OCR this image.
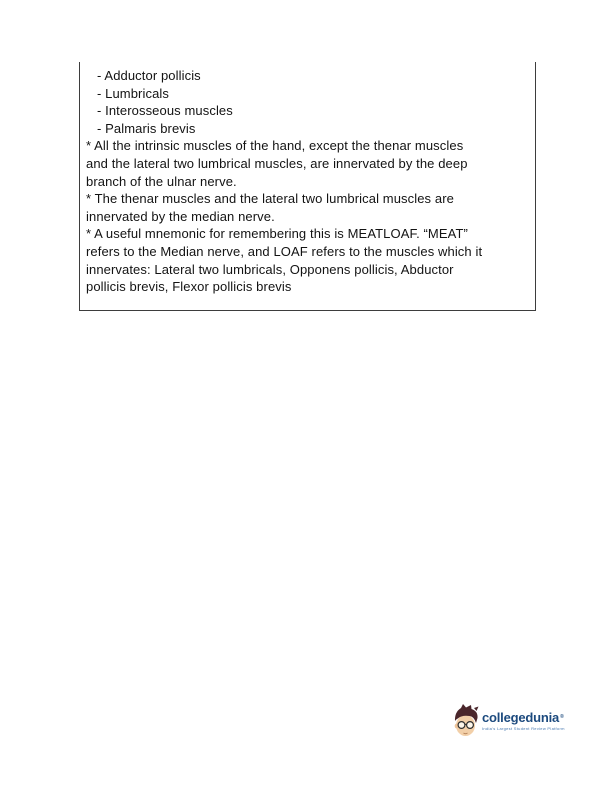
- Adductor pollicis
- Lumbricals
- Interosseous muscles
- Palmaris brevis
* All the intrinsic muscles of the hand, except the thenar muscles
and the lateral two lumbrical muscles, are innervated by the deep
branch of the ulnar nerve.
* The thenar muscles and the lateral two lumbrical muscles are
innervated by the median nerve.
* A useful mnemonic for remembering this is MEATLOAF. “MEAT”
refers to the Median nerve, and LOAF refers to the muscles which it
innervates: Lateral two lumbricals, Opponens pollicis, Abductor
pollicis brevis, Flexor pollicis brevis
collegedunia®
India's Largest Student Review Platform
